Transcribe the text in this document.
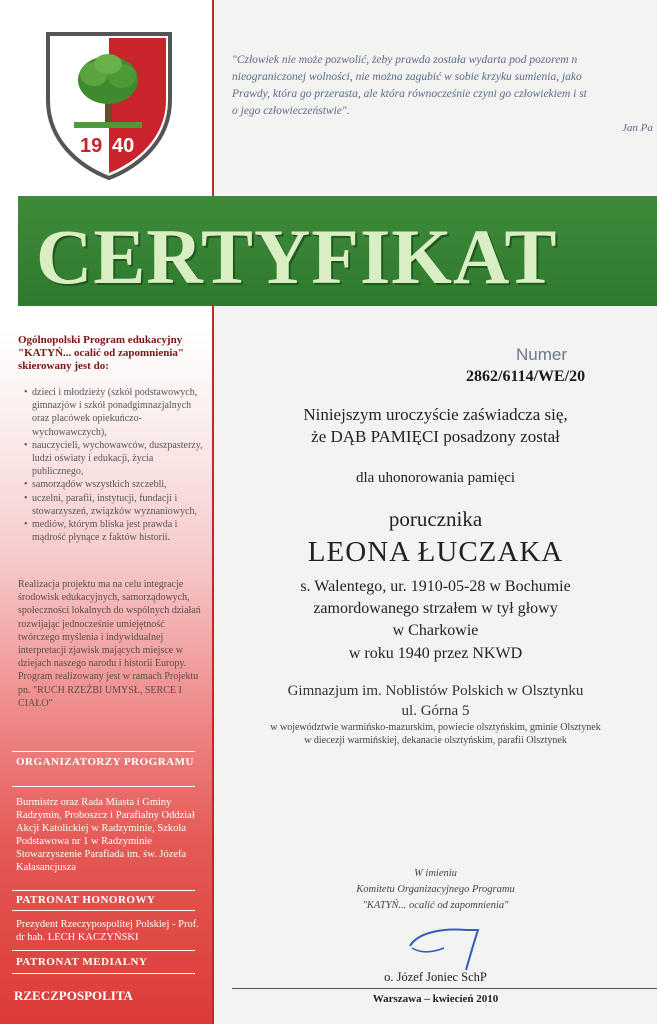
19 40
"Człowiek nie może pozwolić, żeby prawda została wydarta pod pozorem n
nieograniczonej wolności, nie można zagubić w sobie krzyku sumienia, jako
Prawdy, która go przerasta, ale która równocześnie czyni go człowiekiem i st
o jego człowieczeństwie".
Jan Pa
CERTYFIKAT
Ogólnopolski Program edukacyjny "KATYŃ... ocalić od zapomnienia" skierowany jest do:
• dzieci i młodzieży (szkół podstawowych, gimnazjów i szkół ponadgimnazjalnych oraz placówek opiekuńczo-wychowawczych),
• nauczycieli, wychowawców, duszpasterzy, ludzi oświaty i edukacji, życia publicznego,
• samorządów wszystkich szczebli,
• uczelni, parafii, instytucji, fundacji i stowarzyszeń, związków wyznaniowych,
• mediów, którym bliska jest prawda i mądrość płynące z faktów historii.
Realizacja projektu ma na celu integracje środowisk edukacyjnych, samorządowych, społeczności lokalnych do wspólnych działań rozwijając jednocześnie umiejętność twórczego myślenia i indywidualnej interpretacji zjawisk mających miejsce w dziejach naszego narodu i historii Europy. Program realizowany jest w ramach Projektu pn. "RUCH RZEŹBI UMYSŁ, SERCE I CIAŁO"
ORGANIZATORZY PROGRAMU
Burmistrz oraz Rada Miasta i Gminy Radzymin, Proboszcz i Parafialny Oddział Akcji Katolickiej w Radzyminie, Szkoła Podstawowa nr 1 w Radzyminie Stowarzyszenie Parafiada im. św. Józefa Kalasancjusza
PATRONAT HONOROWY
Prezydent Rzeczypospolitej Polskiej - Prof. dr hab. LECH KACZYŃSKI
PATRONAT MEDIALNY
RZECZPOSPOLITA
Numer
2862/6114/WE/20
Niniejszym uroczyście zaświadcza się,
że DĄB PAMIĘCI posadzony został
dla uhonorowania pamięci
porucznika
LEONA ŁUCZAKA
s. Walentego, ur. 1910-05-28 w Bochumie
zamordowanego strzałem w tył głowy
w Charkowie
w roku 1940 przez NKWD
Gimnazjum im. Noblistów Polskich w Olsztynku
ul. Górna 5
w województwie warmińsko-mazurskim, powiecie olsztyńskim, gminie Olsztynek
w diecezji warmińskiej, dekanacie olsztyńskim, parafii Olsztynek
W imieniu
Komitetu Organizacyjnego Programu
"KATYŃ... ocalić od zapomnienia"
o. Józef Joniec SchP
Warszawa – kwiecień 2010
